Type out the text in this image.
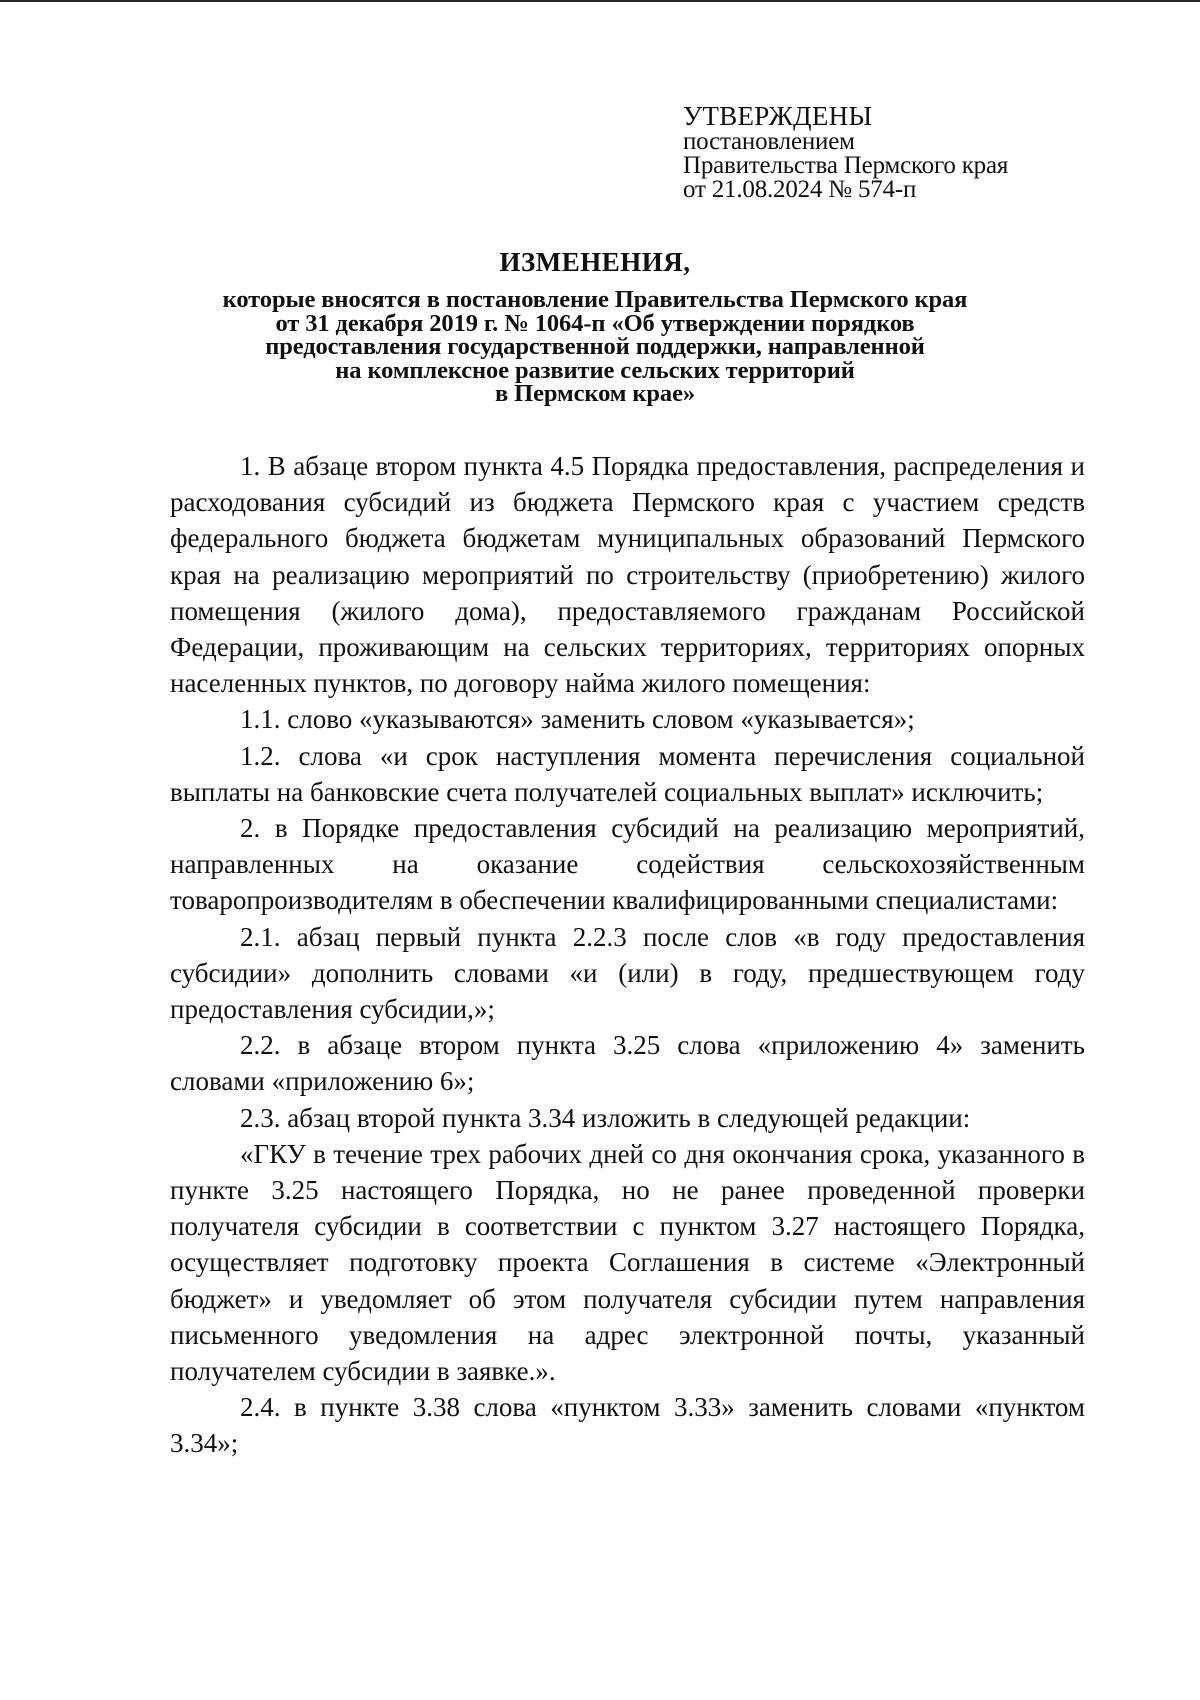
УТВЕРЖДЕНЫ
постановлением
Правительства Пермского края
от 21.08.2024 № 574-п
ИЗМЕНЕНИЯ,
которые вносятся в постановление Правительства Пермского края
от 31 декабря 2019 г. № 1064-п «Об утверждении порядков
предоставления государственной поддержки, направленной
на комплексное развитие сельских территорий
в Пермском крае»

1. В абзаце втором пункта 4.5 Порядка предоставления, распределения и расходования субсидий из бюджета Пермского края с участием средств федерального бюджета бюджетам муниципальных образований Пермского края на реализацию мероприятий по строительству (приобретению) жилого помещения (жилого дома), предоставляемого гражданам Российской Федерации, проживающим на сельских территориях, территориях опорных населенных пунктов, по договору найма жилого помещения:

1.1. слово «указываются» заменить словом «указывается»;

1.2. слова «и срок наступления момента перечисления социальной выплаты на банковские счета получателей социальных выплат» исключить;

2. в Порядке предоставления субсидий на реализацию мероприятий, направленных на оказание содействия сельскохозяйственным товаропроизводителям в обеспечении квалифицированными специалистами:

2.1. абзац первый пункта 2.2.3 после слов «в году предоставления субсидии» дополнить словами «и (или) в году, предшествующем году предоставления субсидии,»;

2.2. в абзаце втором пункта 3.25 слова «приложению 4» заменить словами «приложению 6»;

2.3. абзац второй пункта 3.34 изложить в следующей редакции:

«ГКУ в течение трех рабочих дней со дня окончания срока, указанного в пункте 3.25 настоящего Порядка, но не ранее проведенной проверки получателя субсидии в соответствии с пунктом 3.27 настоящего Порядка, осуществляет подготовку проекта Соглашения в системе «Электронный бюджет» и уведомляет об этом получателя субсидии путем направления письменного уведомления на адрес электронной почты, указанный получателем субсидии в заявке.».

2.4. в пункте 3.38 слова «пунктом 3.33» заменить словами «пунктом 3.34»;
